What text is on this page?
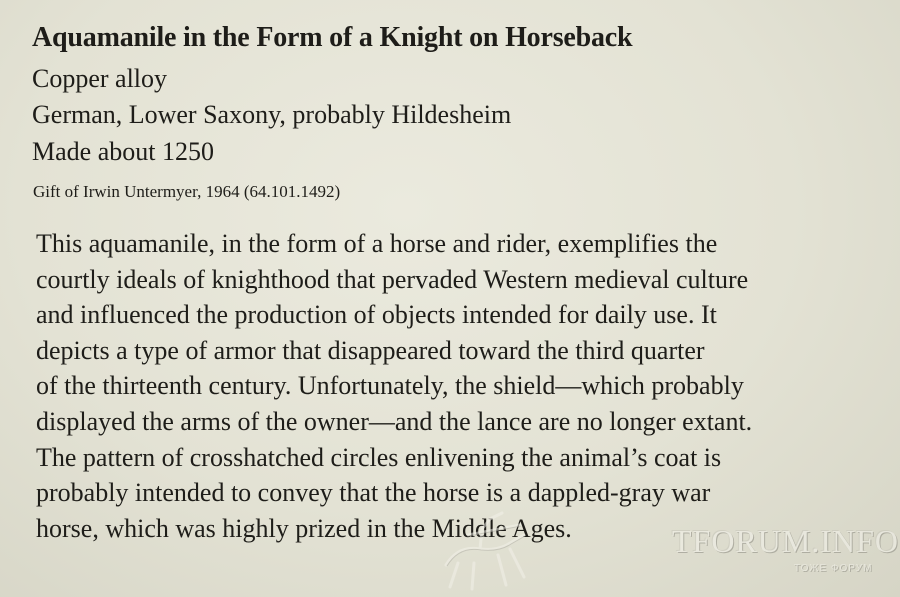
Aquamanile in the Form of a Knight on Horseback
Copper alloy
German, Lower Saxony, probably Hildesheim
Made about 1250
Gift of Irwin Untermyer, 1964 (64.101.1492)
This aquamanile, in the form of a horse and rider, exemplifies the
courtly ideals of knighthood that pervaded Western medieval culture
and influenced the production of objects intended for daily use. It
depicts a type of armor that disappeared toward the third quarter
of the thirteenth century. Unfortunately, the shield—which probably
displayed the arms of the owner—and the lance are no longer extant.
The pattern of crosshatched circles enlivening the animal’s coat is
probably intended to convey that the horse is a dappled-gray war
horse, which was highly prized in the Middle Ages.	TFORUM.INFO
ТОЖЕ ФОРУМ
